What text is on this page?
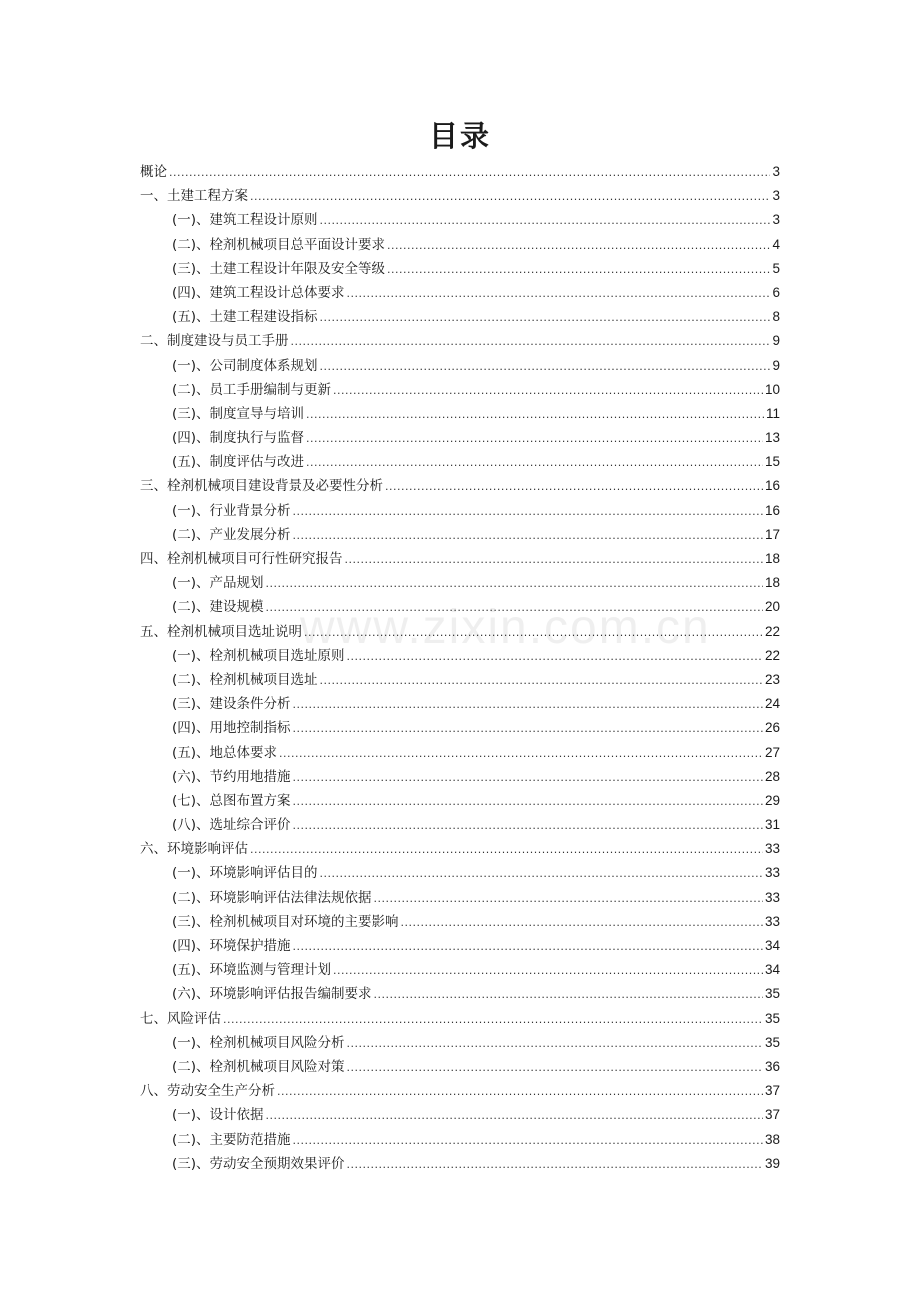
目录
www.zixin.com.cn
概论 .....	3
一、土建工程方案 .....	3
(一)、建筑工程设计原则 .....	3
(二)、栓剂机械项目总平面设计要求 .....	4
(三)、土建工程设计年限及安全等级 .....	5
(四)、建筑工程设计总体要求 .....	6
(五)、土建工程建设指标 .....	8
二、制度建设与员工手册 .....	9
(一)、公司制度体系规划 .....	9
(二)、员工手册编制与更新 .....	10
(三)、制度宣导与培训 .....	11
(四)、制度执行与监督 .....	13
(五)、制度评估与改进 .....	15
三、栓剂机械项目建设背景及必要性分析 .....	16
(一)、行业背景分析 .....	16
(二)、产业发展分析 .....	17
四、栓剂机械项目可行性研究报告 .....	18
(一)、产品规划 .....	18
(二)、建设规模 .....	20
五、栓剂机械项目选址说明 .....	22
(一)、栓剂机械项目选址原则 .....	22
(二)、栓剂机械项目选址 .....	23
(三)、建设条件分析 .....	24
(四)、用地控制指标 .....	26
(五)、地总体要求 .....	27
(六)、节约用地措施 .....	28
(七)、总图布置方案 .....	29
(八)、选址综合评价 .....	31
六、环境影响评估 .....	33
(一)、环境影响评估目的 .....	33
(二)、环境影响评估法律法规依据 .....	33
(三)、栓剂机械项目对环境的主要影响 .....	33
(四)、环境保护措施 .....	34
(五)、环境监测与管理计划 .....	34
(六)、环境影响评估报告编制要求 .....	35
七、风险评估 .....	35
(一)、栓剂机械项目风险分析 .....	35
(二)、栓剂机械项目风险对策 .....	36
八、劳动安全生产分析 .....	37
(一)、设计依据 .....	37
(二)、主要防范措施 .....	38
(三)、劳动安全预期效果评价 .....	39
